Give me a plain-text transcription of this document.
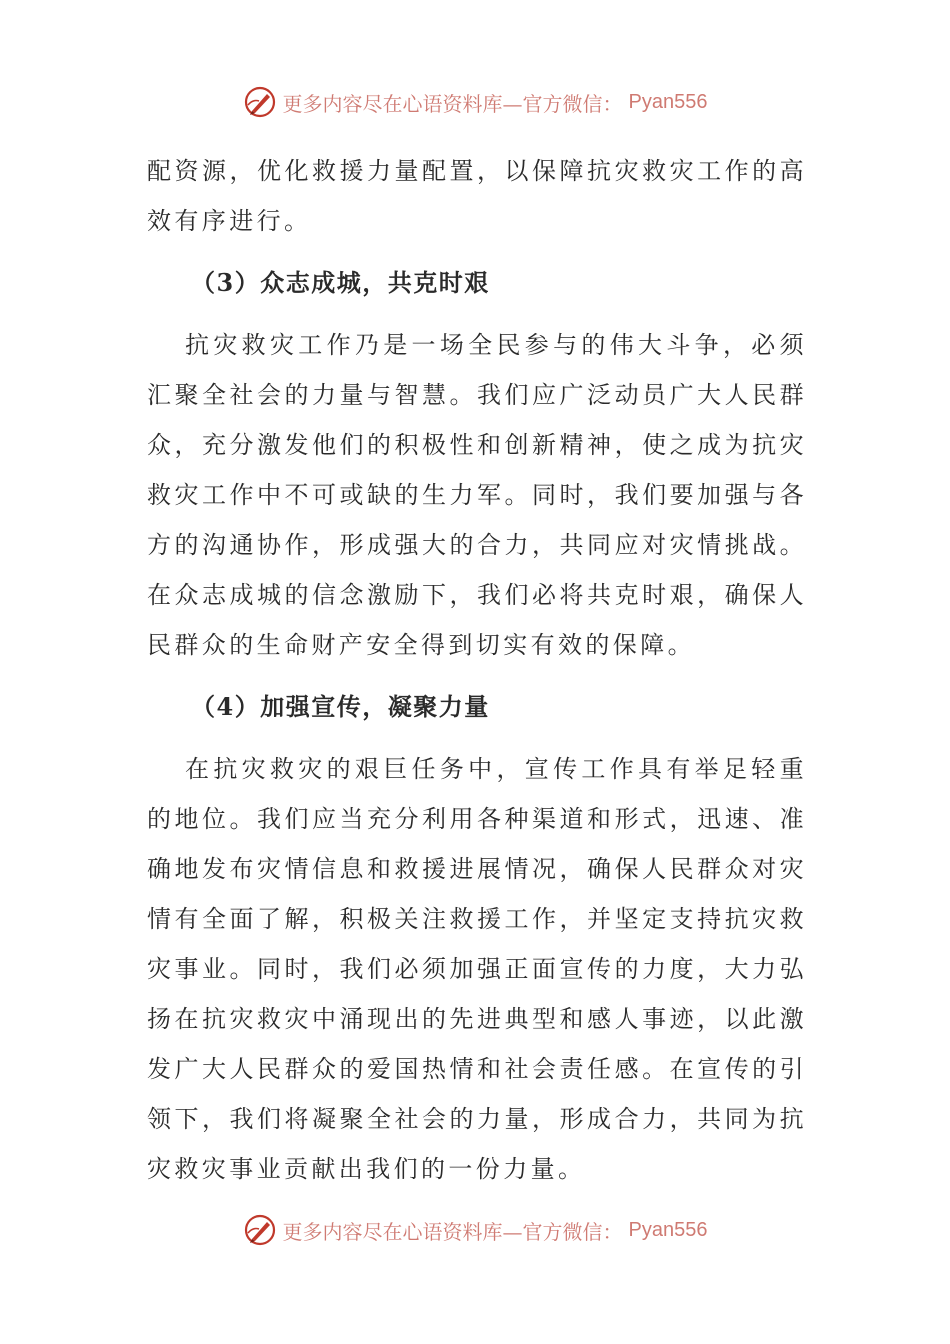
更多内容尽在心语资料库—官方微信： Pyan556

配资源，优化救援力量配置，以保障抗灾救灾工作的高效有序进行。

（3）众志成城，共克时艰

抗灾救灾工作乃是一场全民参与的伟大斗争，必须汇聚全社会的力量与智慧。我们应广泛动员广大人民群众，充分激发他们的积极性和创新精神，使之成为抗灾救灾工作中不可或缺的生力军。同时，我们要加强与各方的沟通协作，形成强大的合力，共同应对灾情挑战。在众志成城的信念激励下，我们必将共克时艰，确保人民群众的生命财产安全得到切实有效的保障。

（4）加强宣传，凝聚力量

在抗灾救灾的艰巨任务中，宣传工作具有举足轻重的地位。我们应当充分利用各种渠道和形式，迅速、准确地发布灾情信息和救援进展情况，确保人民群众对灾情有全面了解，积极关注救援工作，并坚定支持抗灾救灾事业。同时，我们必须加强正面宣传的力度，大力弘扬在抗灾救灾中涌现出的先进典型和感人事迹，以此激发广大人民群众的爱国热情和社会责任感。在宣传的引领下，我们将凝聚全社会的力量，形成合力，共同为抗灾救灾事业贡献出我们的一份力量。

更多内容尽在心语资料库—官方微信： Pyan556
